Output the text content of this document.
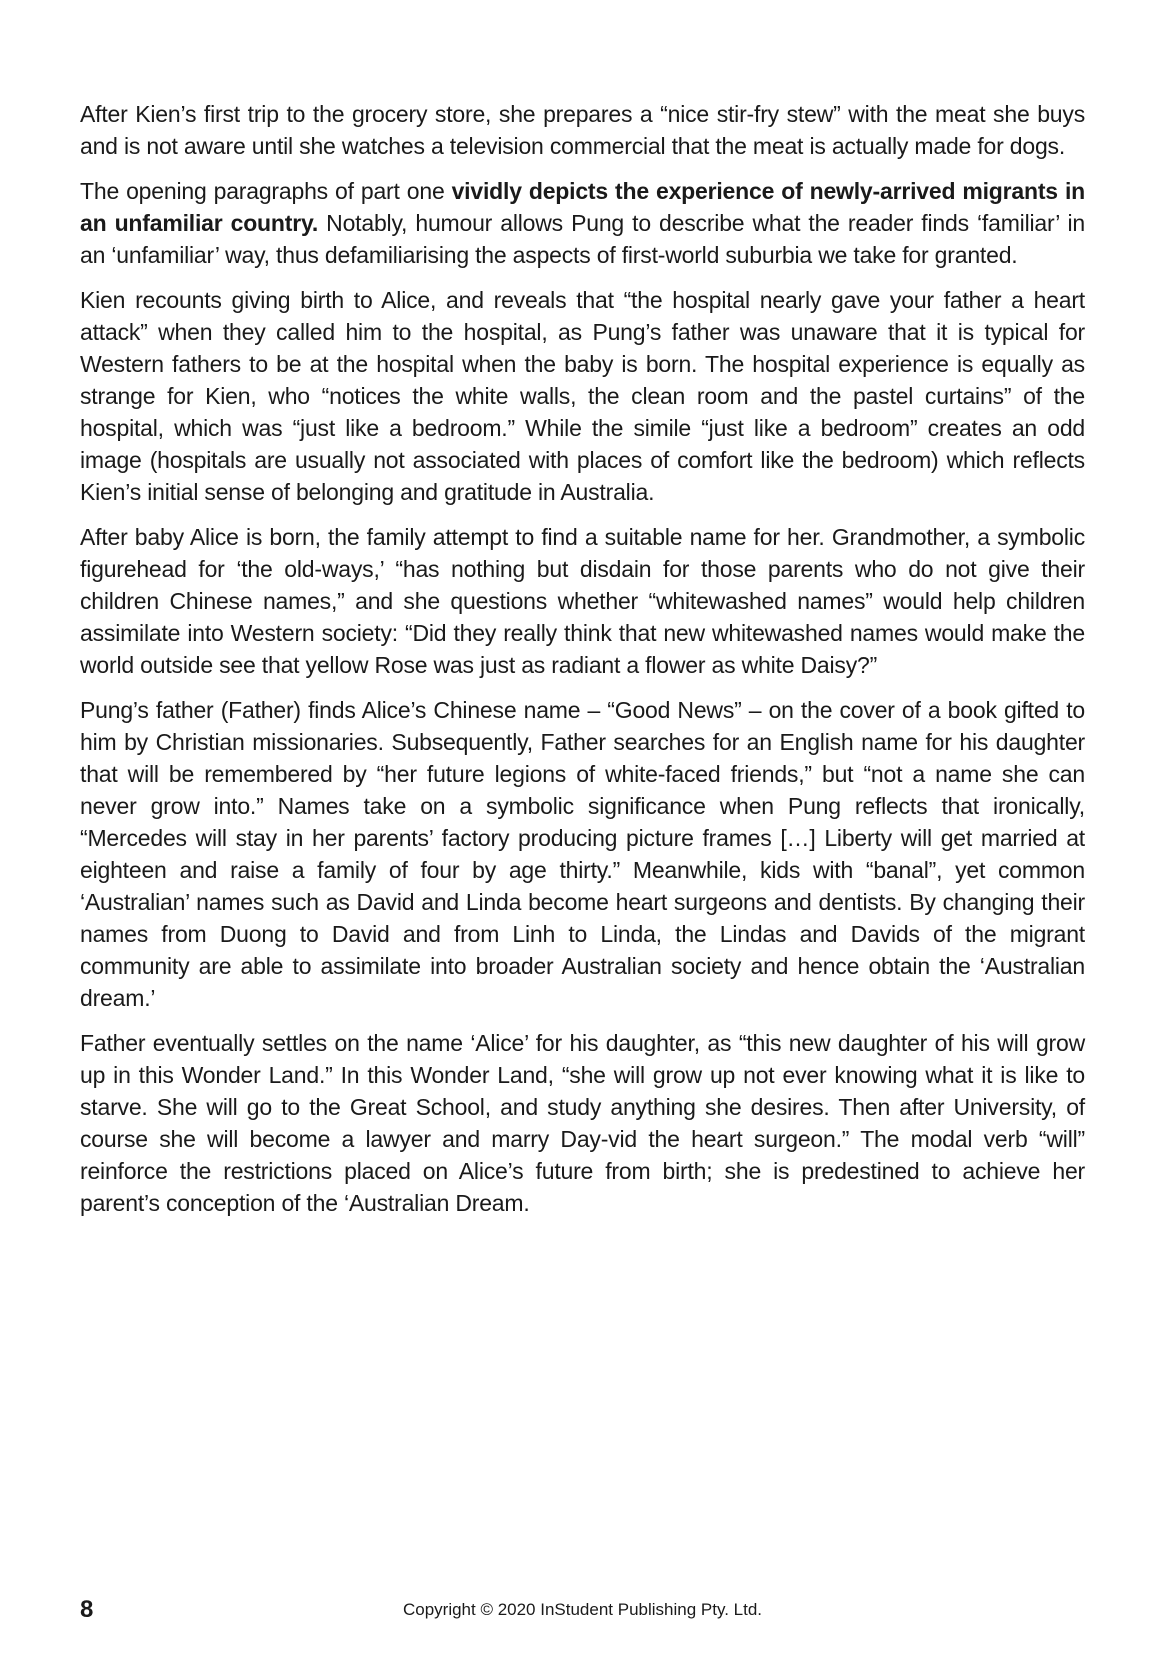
After Kien’s first trip to the grocery store, she prepares a “nice stir-fry stew” with the meat she buys and is not aware until she watches a television commercial that the meat is actually made for dogs.

The opening paragraphs of part one vividly depicts the experience of newly-arrived migrants in an unfamiliar country. Notably, humour allows Pung to describe what the reader finds ‘familiar’ in an ‘unfamiliar’ way, thus defamiliarising the aspects of first-world suburbia we take for granted.

Kien recounts giving birth to Alice, and reveals that “the hospital nearly gave your father a heart attack” when they called him to the hospital, as Pung’s father was unaware that it is typical for Western fathers to be at the hospital when the baby is born. The hospital experience is equally as strange for Kien, who “notices the white walls, the clean room and the pastel curtains” of the hospital, which was “just like a bedroom.” While the simile “just like a bedroom” creates an odd image (hospitals are usually not associated with places of comfort like the bedroom) which reflects Kien’s initial sense of belonging and gratitude in Australia.

After baby Alice is born, the family attempt to find a suitable name for her. Grandmother, a symbolic figurehead for ‘the old-ways,’ “has nothing but disdain for those parents who do not give their children Chinese names,” and she questions whether “whitewashed names” would help children assimilate into Western society: “Did they really think that new whitewashed names would make the world outside see that yellow Rose was just as radiant a flower as white Daisy?”

Pung’s father (Father) finds Alice’s Chinese name – “Good News” – on the cover of a book gifted to him by Christian missionaries. Subsequently, Father searches for an English name for his daughter that will be remembered by “her future legions of white-faced friends,” but “not a name she can never grow into.” Names take on a symbolic significance when Pung reflects that ironically, “Mercedes will stay in her parents’ factory producing picture frames […] Liberty will get married at eighteen and raise a family of four by age thirty.” Meanwhile, kids with “banal”, yet common ‘Australian’ names such as David and Linda become heart surgeons and dentists. By changing their names from Duong to David and from Linh to Linda, the Lindas and Davids of the migrant community are able to assimilate into broader Australian society and hence obtain the ‘Australian dream.’

Father eventually settles on the name ‘Alice’ for his daughter, as “this new daughter of his will grow up in this Wonder Land.” In this Wonder Land, “she will grow up not ever knowing what it is like to starve. She will go to the Great School, and study anything she desires. Then after University, of course she will become a lawyer and marry Day-vid the heart surgeon.” The modal verb “will” reinforce the restrictions placed on Alice’s future from birth; she is predestined to achieve her parent’s conception of the ‘Australian Dream.

8	Copyright © 2020 InStudent Publishing Pty. Ltd.
